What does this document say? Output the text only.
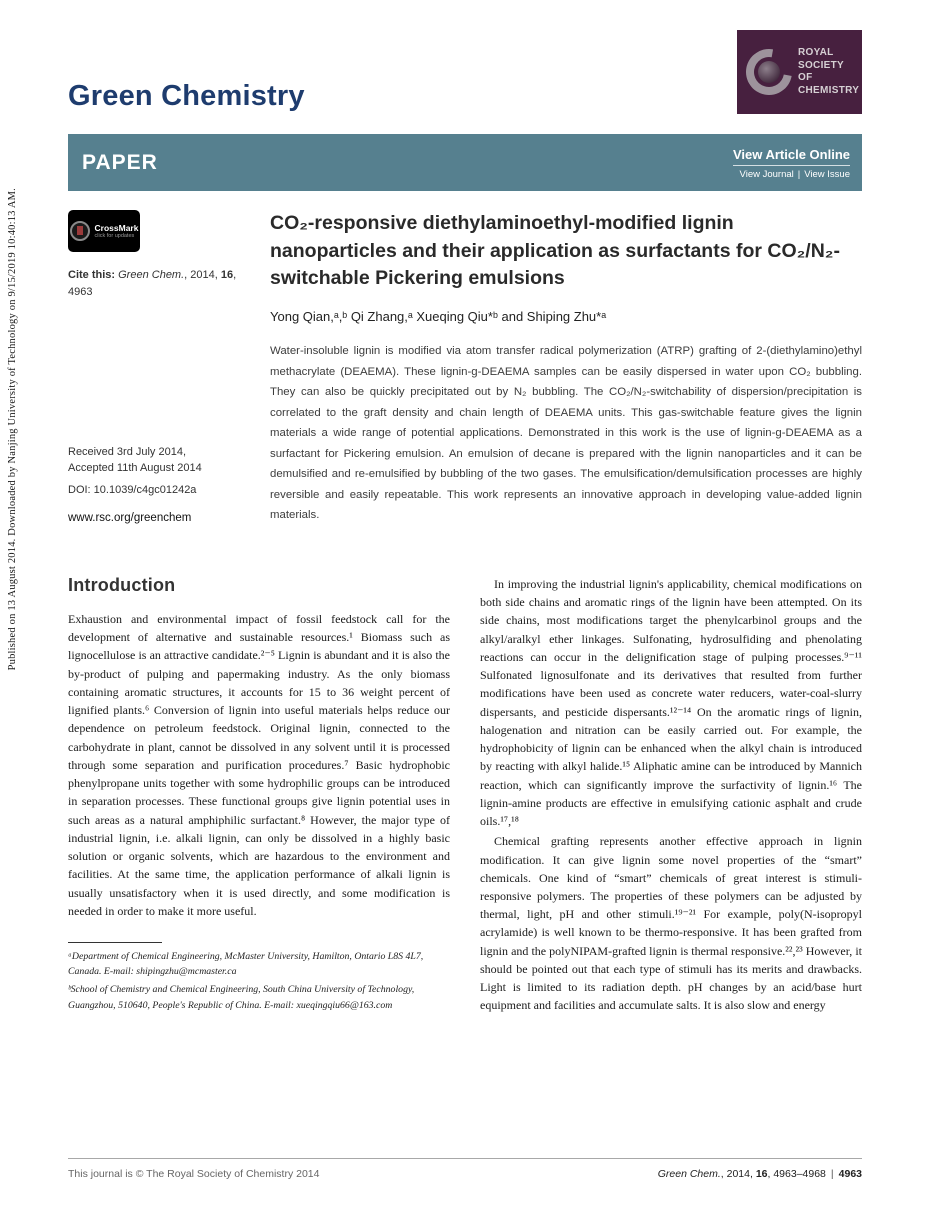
Published on 13 August 2014. Downloaded by Nanjing University of Technology on 9/15/2019 10:40:13 AM.
ROYAL SOCIETY
OF CHEMISTRY
Green Chemistry
PAPER	View Article Online
View Journal | View Issue
CrossMark
click for updates

Cite this: Green Chem., 2014, 16, 4963

Received 3rd July 2014,

Accepted 11th August 2014

DOI: 10.1039/c4gc01242a

www.rsc.org/greenchem

CO₂-responsive diethylaminoethyl-modified lignin nanoparticles and their application as surfactants for CO₂/N₂-switchable Pickering emulsions

Yong Qian,ᵃ,ᵇ Qi Zhang,ᵃ Xueqing Qiu*ᵇ and Shiping Zhu*ᵃ

Water-insoluble lignin is modified via atom transfer radical polymerization (ATRP) grafting of 2-(diethylamino)ethyl methacrylate (DEAEMA). These lignin-g-DEAEMA samples can be easily dispersed in water upon CO₂ bubbling. They can also be quickly precipitated out by N₂ bubbling. The CO₂/N₂-switchability of dispersion/precipitation is correlated to the graft density and chain length of DEAEMA units. This gas-switchable feature gives the lignin materials a wide range of potential applications. Demonstrated in this work is the use of lignin-g-DEAEMA as a surfactant for Pickering emulsion. An emulsion of decane is prepared with the lignin nanoparticles and it can be demulsified and re-emulsified by bubbling of the two gases. The emulsification/demulsification processes are highly reversible and easily repeatable. This work represents an innovative approach in developing value-added lignin materials.

Introduction

Exhaustion and environmental impact of fossil feedstock call for the development of alternative and sustainable resources.¹ Biomass such as lignocellulose is an attractive candidate.²⁻⁵ Lignin is abundant and it is also the by-product of pulping and papermaking industry. As the only biomass containing aromatic structures, it accounts for 15 to 36 weight percent of lignified plants.⁶ Conversion of lignin into useful materials helps reduce our dependence on petroleum feedstock. Original lignin, connected to the carbohydrate in plant, cannot be dissolved in any solvent until it is processed through some separation and purification procedures.⁷ Basic hydrophobic phenylpropane units together with some hydrophilic groups can be introduced in separation processes. These functional groups give lignin potential uses in such areas as a natural amphiphilic surfactant.⁸ However, the major type of industrial lignin, i.e. alkali lignin, can only be dissolved in a highly basic solution or organic solvents, which are hazardous to the environment and facilities. At the same time, the application performance of alkali lignin is usually unsatisfactory when it is used directly, and some modification is needed in order to make it more useful.

ᵃDepartment of Chemical Engineering, McMaster University, Hamilton, Ontario L8S 4L7, Canada. E-mail: shipingzhu@mcmaster.ca

ᵇSchool of Chemistry and Chemical Engineering, South China University of Technology, Guangzhou, 510640, People's Republic of China. E-mail: xueqingqiu66@163.com

In improving the industrial lignin's applicability, chemical modifications on both side chains and aromatic rings of the lignin have been attempted. On its side chains, most modifications target the phenylcarbinol groups and the alkyl/aralkyl ether linkages. Sulfonating, hydrosulfiding and phenolating reactions can occur in the delignification stage of pulping processes.⁹⁻¹¹ Sulfonated lignosulfonate and its derivatives that resulted from further modifications have been used as concrete water reducers, water-coal-slurry dispersants, and pesticide dispersants.¹²⁻¹⁴ On the aromatic rings of lignin, halogenation and nitration can be easily carried out. For example, the hydrophobicity of lignin can be enhanced when the alkyl chain is introduced by reacting with alkyl halide.¹⁵ Aliphatic amine can be introduced by Mannich reaction, which can significantly improve the surfactivity of lignin.¹⁶ The lignin-amine products are effective in emulsifying cationic asphalt and crude oils.¹⁷,¹⁸

Chemical grafting represents another effective approach in lignin modification. It can give lignin some novel properties of the “smart” chemicals. One kind of “smart” chemicals of great interest is stimuli-responsive polymers. The properties of these polymers can be adjusted by thermal, light, pH and other stimuli.¹⁹⁻²¹ For example, poly(N-isopropyl acrylamide) is well known to be thermo-responsive. It has been grafted from lignin and the polyNIPAM-grafted lignin is thermal responsive.²²,²³ However, it should be pointed out that each type of stimuli has its merits and drawbacks. Light is limited to its radiation depth. pH changes by an acid/base hurt equipment and facilities and accumulate salts. It is also slow and energy

This journal is © The Royal Society of Chemistry 2014	Green Chem., 2014, 16, 4963–4968 | 4963
